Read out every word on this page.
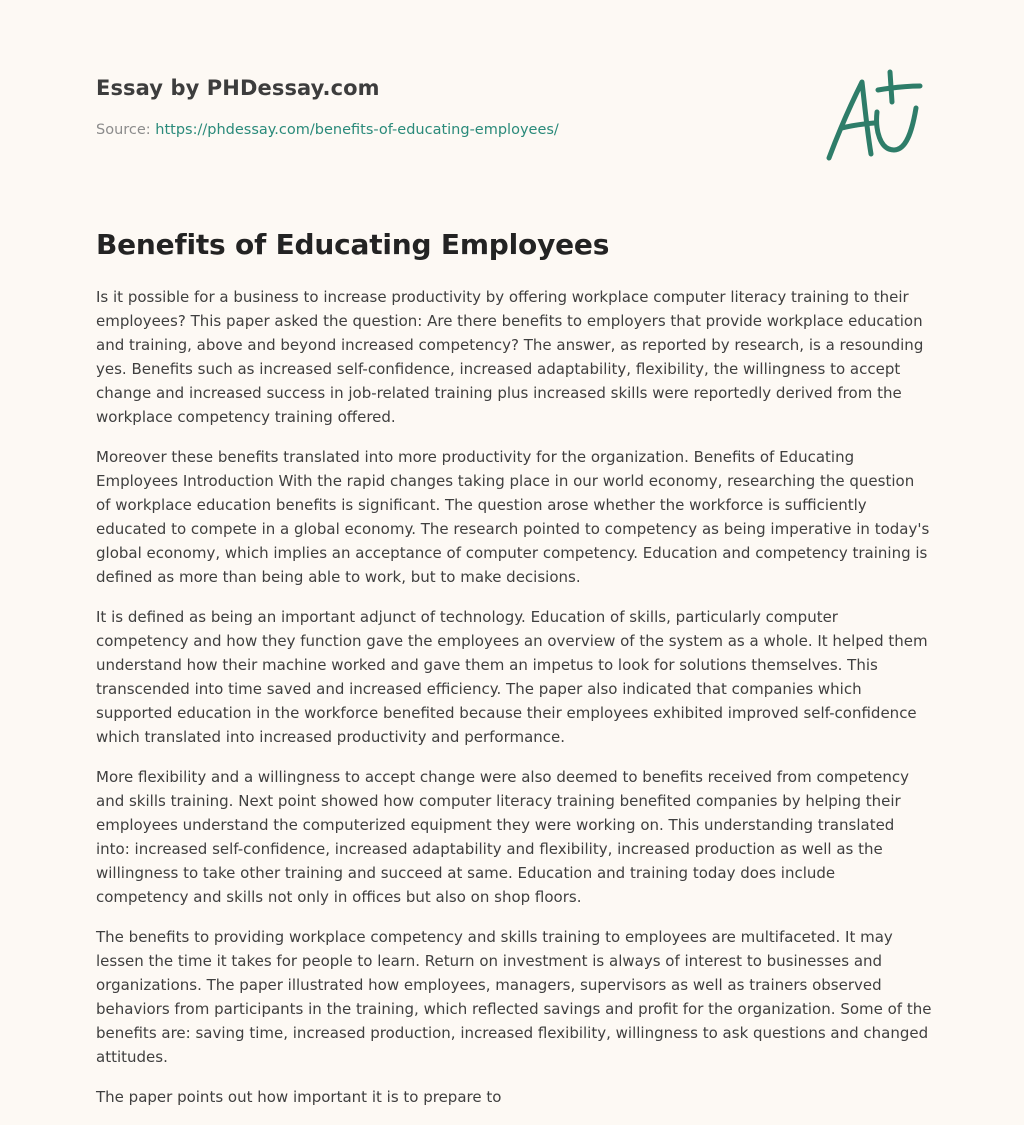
Essay by PHDessay.com
Source: https://phdessay.com/benefits-of-educating-employees/
Benefits of Educating Employees

Is it possible for a business to increase productivity by offering workplace computer literacy training to their employees? This paper asked the question: Are there benefits to employers that provide workplace education and training, above and beyond increased competency? The answer, as reported by research, is a resounding yes. Benefits such as increased self-confidence, increased adaptability, flexibility, the willingness to accept change and increased success in job-related training plus increased skills were reportedly derived from the workplace competency training offered.

Moreover these benefits translated into more productivity for the organization. Benefits of Educating Employees Introduction With the rapid changes taking place in our world economy, researching the question of workplace education benefits is significant. The question arose whether the workforce is sufficiently educated to compete in a global economy. The research pointed to competency as being imperative in today's global economy, which implies an acceptance of computer competency. Education and competency training is defined as more than being able to work, but to make decisions.

It is defined as being an important adjunct of technology. Education of skills, particularly computer competency and how they function gave the employees an overview of the system as a whole. It helped them understand how their machine worked and gave them an impetus to look for solutions themselves. This transcended into time saved and increased efficiency. The paper also indicated that companies which supported education in the workforce benefited because their employees exhibited improved self-confidence which translated into increased productivity and performance.

More flexibility and a willingness to accept change were also deemed to benefits received from competency and skills training. Next point showed how computer literacy training benefited companies by helping their employees understand the computerized equipment they were working on. This understanding translated into: increased self-confidence, increased adaptability and flexibility, increased production as well as the willingness to take other training and succeed at same. Education and training today does include competency and skills not only in offices but also on shop floors.

The benefits to providing workplace competency and skills training to employees are multifaceted. It may lessen the time it takes for people to learn. Return on investment is always of interest to businesses and organizations. The paper illustrated how employees, managers, supervisors as well as trainers observed behaviors from participants in the training, which reflected savings and profit for the organization. Some of the benefits are: saving time, increased production, increased flexibility, willingness to ask questions and changed attitudes.

The paper points out how important it is to prepare to
